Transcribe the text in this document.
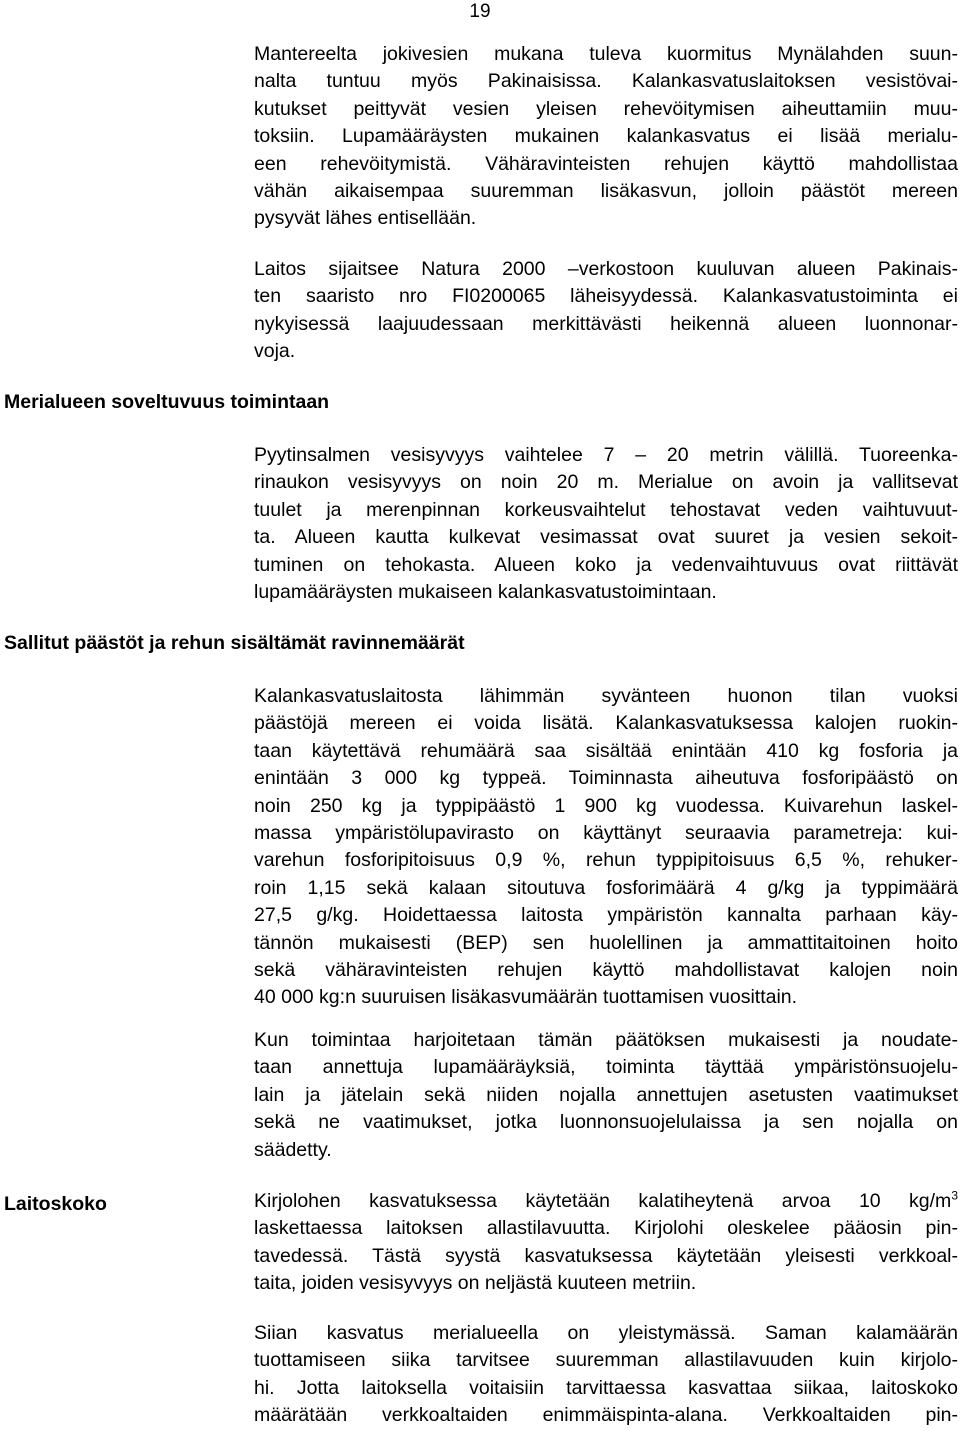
19
Mantereelta jokivesien mukana tuleva kuormitus Mynälahden suun-
nalta tuntuu myös Pakinaisissa. Kalankasvatuslaitoksen vesistövai-
kutukset peittyvät vesien yleisen rehevöitymisen aiheuttamiin muu-
toksiin. Lupamääräysten mukainen kalankasvatus ei lisää merialu-
een rehevöitymistä. Vähäravinteisten rehujen käyttö mahdollistaa
vähän aikaisempaa suuremman lisäkasvun, jolloin päästöt mereen
pysyvät lähes entisellään.
Laitos sijaitsee Natura 2000 –verkostoon kuuluvan alueen Pakinais-
ten saaristo nro FI0200065 läheisyydessä. Kalankasvatustoiminta ei
nykyisessä laajuudessaan merkittävästi heikennä alueen luonnonar-
voja.
Merialueen soveltuvuus toimintaan
Pyytinsalmen vesisyvyys vaihtelee 7 – 20 metrin välillä. Tuoreenka-
rinaukon vesisyvyys on noin 20 m. Merialue on avoin ja vallitsevat
tuulet ja merenpinnan korkeusvaihtelut tehostavat veden vaihtuvuut-
ta. Alueen kautta kulkevat vesimassat ovat suuret ja vesien sekoit-
tuminen on tehokasta. Alueen koko ja vedenvaihtuvuus ovat riittävät
lupamääräysten mukaiseen kalankasvatustoimintaan.
Sallitut päästöt ja rehun sisältämät ravinnemäärät
Kalankasvatuslaitosta lähimmän syvänteen huonon tilan vuoksi
päästöjä mereen ei voida lisätä. Kalankasvatuksessa kalojen ruokin-
taan käytettävä rehumäärä saa sisältää enintään 410 kg fosforia ja
enintään 3 000 kg typpeä. Toiminnasta aiheutuva fosforipäästö on
noin 250 kg ja typpipäästö 1 900 kg vuodessa. Kuivarehun laskel-
massa ympäristölupavirasto on käyttänyt seuraavia parametreja: kui-
varehun fosforipitoisuus 0,9 %, rehun typpipitoisuus 6,5 %, rehuker-
roin 1,15 sekä kalaan sitoutuva fosforimäärä 4 g/kg ja typpimäärä
27,5 g/kg. Hoidettaessa laitosta ympäristön kannalta parhaan käy-
tännön mukaisesti (BEP) sen huolellinen ja ammattitaitoinen hoito
sekä vähäravinteisten rehujen käyttö mahdollistavat kalojen noin
40 000 kg:n suuruisen lisäkasvumäärän tuottamisen vuosittain.
Kun toimintaa harjoitetaan tämän päätöksen mukaisesti ja noudate-
taan annettuja lupamääräyksiä, toiminta täyttää ympäristönsuojelu-
lain ja jätelain sekä niiden nojalla annettujen asetusten vaatimukset
sekä ne vaatimukset, jotka luonnonsuojelulaissa ja sen nojalla on
säädetty.
Laitoskoko	Kirjolohen kasvatuksessa käytetään kalatiheytenä arvoa 10 $kg/m^3$
laskettaessa laitoksen allastilavuutta. Kirjolohi oleskelee pääosin pin-
tavedessä. Tästä syystä kasvatuksessa käytetään yleisesti verkkoal-
taita, joiden vesisyvyys on neljästä kuuteen metriin.
Siian kasvatus merialueella on yleistymässä. Saman kalamäärän
tuottamiseen siika tarvitsee suuremman allastilavuuden kuin kirjolo-
hi. Jotta laitoksella voitaisiin tarvittaessa kasvattaa siikaa, laitoskoko
määrätään verkkoaltaiden enimmäispinta-alana. Verkkoaltaiden pin-
